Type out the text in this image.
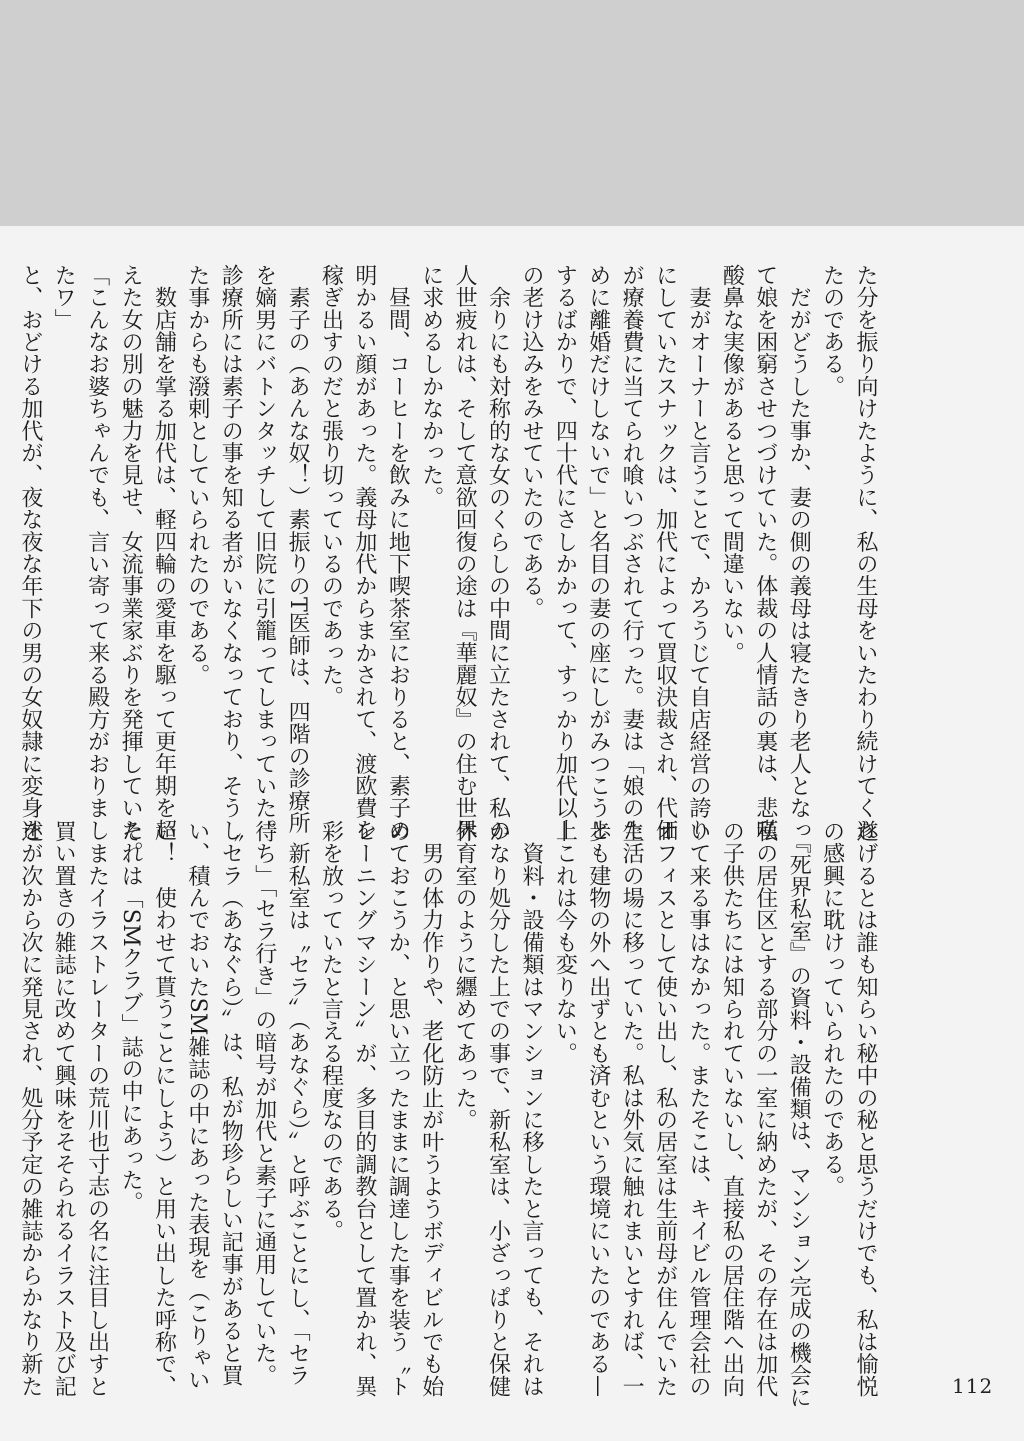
た分を振り向けたように、私の生母をいたわり続けてくれ

たのである。

　だがどうした事か、妻の側の義母は寝たきり老人となっ

て娘を困窮させつづけていた。体裁の人情話の裏は、悲嘆

酸鼻な実像があると思って間違いない。

　妻がオーナーと言うことで、かろうじて自店経営の誇り

にしていたスナックは、加代によって買収決裁され、代価

が療養費に当てられ喰いつぶされて行った。妻は「娘のた

めに離婚だけしないで」と名目の妻の座にしがみつこうと

するばかりで、四十代にさしかかって、すっかり加代以上

の老け込みをみせていたのである。

　余りにも対称的な女のくらしの中間に立たされて、私の

人世疲れは、そして意欲回復の途は『華麗奴』の住む世界

に求めるしかなかった。

　昼間、コーヒーを飲みに地下喫茶室におりると、素子の

明かるい顔があった。義母加代からまかされて、渡欧費を

稼ぎ出すのだと張り切っているのであった。

　素子の（あんな奴！）素振りのT医師は、四階の診療所

を嫡男にバトンタッチして旧院に引籠ってしまっていた。

診療所には素子の事を知る者がいなくなっており、そうし

た事からも潑剌としていられたのである。

　数店舗を掌る加代は、軽四輪の愛車を駆って更年期を超

えた女の別の魅力を見せ、女流事業家ぶりを発揮していた。

「こんなお婆ちゃんでも、言い寄って来る殿方がおりまし

たワ」

と、おどける加代が、夜な夜な年下の男の女奴隷に変身を

遂げるとは誰も知らい秘中の秘と思うだけでも、私は愉悦

の感興に耽けっていられたのである。

　『死界私室』の資料・設備類は、マンション完成の機会に

私の居住区とする部分の一室に納めたが、その存在は加代

の子供たちには知られていないし、直接私の居住階へ出向

いて来る事はなかった。またそこは、キイビル管理会社の

オフィスとして使い出し、私の居室は生前母が住んでいた

生活の場に移っていた。私は外気に触れまいとすれば、一

歩も建物の外へ出ずとも済むという環境にいたのである—

—これは今も変りない。

　資料・設備類はマンションに移したと言っても、それは

かなり処分した上での事で、新私室は、小ざっぱりと保健

休育室のように纒めてあった。

　男の体力作りや、老化防止が叶うようボディビルでも始

めておこうか、と思い立ったままに調達した事を装う〝ト

レーニングマシーン〟が、多目的調教台として置かれ、異

彩を放っていたと言える程度なのである。

　新私室は〝セラ〟（あなぐら）〟と呼ぶことにし、「セラ

待ち」「セラ行き」の暗号が加代と素子に通用していた。

〝セラ（あなぐら）〟は、私が物珍らしい記事があると買

い、積んでおいたSM雑誌の中にあった表現を（こりゃい

い！　使わせて貰うことにしよう）と用い出した呼称で、

それは「SMクラブ」誌の中にあった。

　またイラストレーターの荒川也寸志の名に注目し出すと

買い置きの雑誌に改めて興味をそそられるイラスト及び記

述が次から次に発見され、処分予定の雑誌からかなり新た	112
